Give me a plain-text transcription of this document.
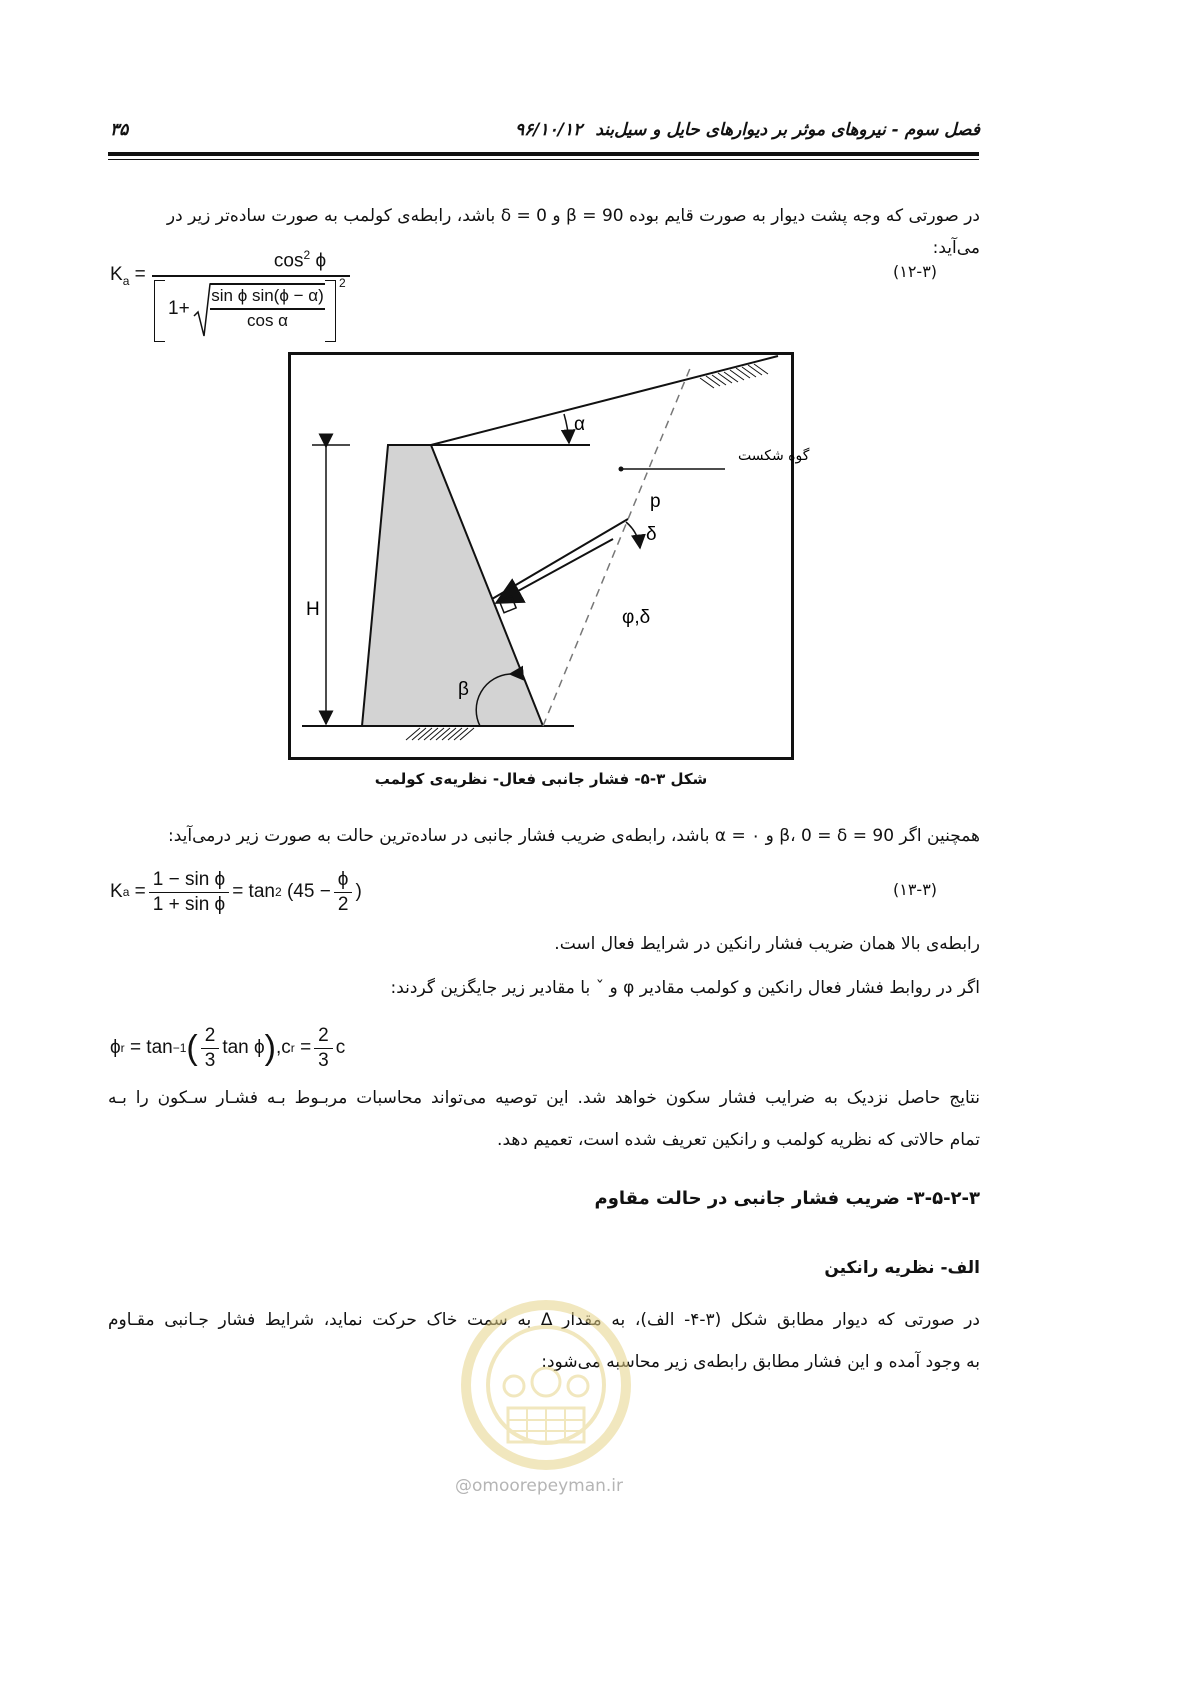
۳۵	۹۶/۱۰/۱۲ فصل سوم - نیروهای موثر بر دیوارهای حایل و سیل‌بند
در صورتی که وجه پشت دیوار به صورت قایم بوده 90 = β و 0 = δ باشد، رابطه‌ی کولمب به صورت ساده‌تر زیر در می‌آید:
$K_a$ =
$\cos^2 \phi$
2
1+
sin ϕ sin(ϕ − α)
cos α
(۱۲-۳)
α
H
گوه شکست
p
δ
φ,δ
β
شکل ۳-۵- فشار جانبی فعال- نظریه‌ی کولمب
همچنین اگر 90 = β، 0 = δ و ۰ = α باشد، رابطه‌ی ضریب فشار جانبی در ساده‌ترین حالت به صورت زیر درمی‌آید:
K $a = \frac{\text{1 − sin ϕ}}{\text{1 + sin ϕ}} = \tan 2$
($45 - \frac{\phi}{2}$ )	(۱۳-۳)
رابطه‌ی بالا همان ضریب فشار رانکین در شرایط فعال است.
اگر در روابط فشار فعال رانکین و کولمب مقادیر φ و ˇ با مقادیر زیر جایگزین گردند:
ϕ r
= tan −1 ( $\frac{2}{3}$ tan ϕ ) ,c r
= $\frac{2}{3}$ c
نتایج حاصل نزدیک به ضرایب فشار سکون خواهد شد. این توصیه می‌تواند محاسبات مربـوط بـه فشـار سـکون را بـه
تمام حالاتی که نظریه کولمب و رانکین تعریف شده است، تعمیم دهد.
۳-۵-۲-۳- ضریب فشار جانبی در حالت مقاوم
الف- نظریه رانکین
در صورتی که دیوار مطابق شکل (۳-۴- الف)، به مقدار Δ به سمت خاک حرکت نماید، شرایط فشار جـانبی مقـاوم
به وجود آمده و این فشار مطابق رابطه‌ی زیر محاسبه می‌شود:
@omoorepeyman.ir
